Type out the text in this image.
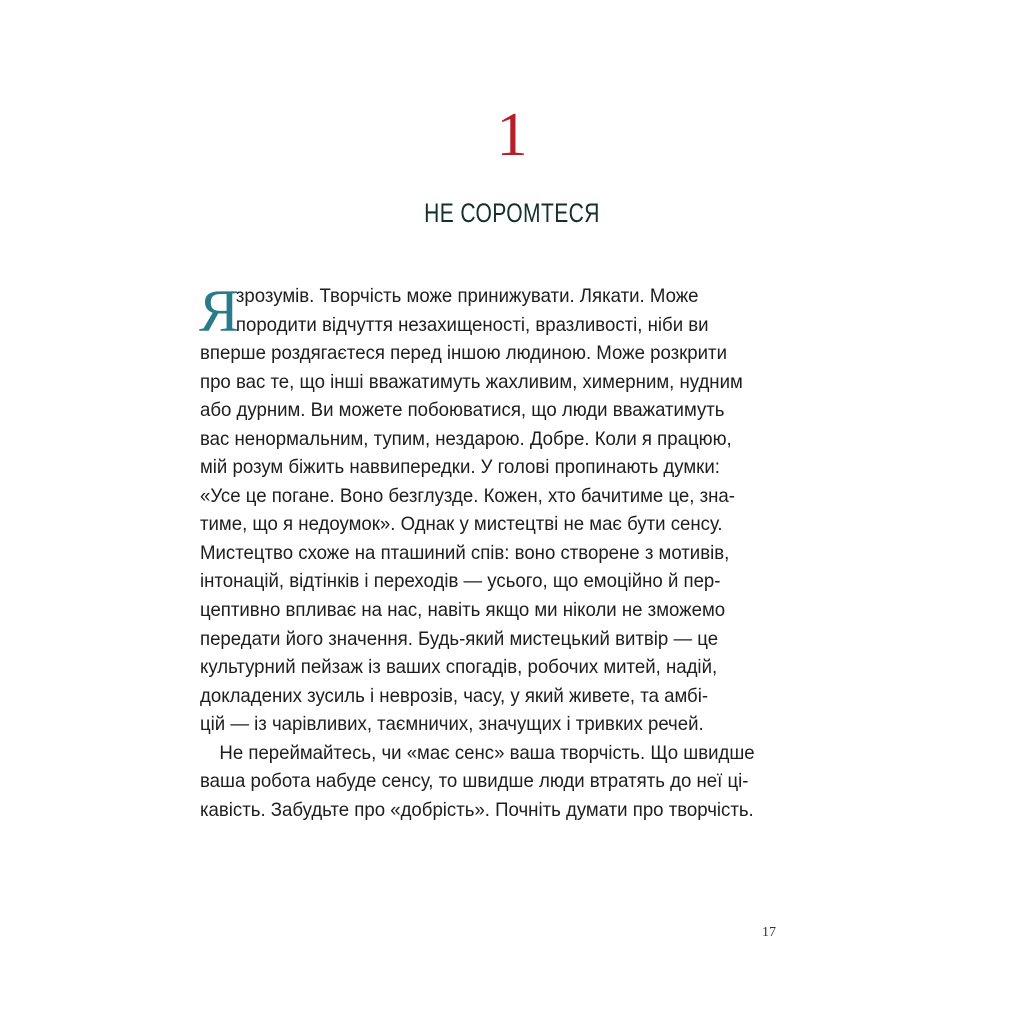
1
НЕ СОРОМТЕСЯ
Я
зрозумів. Творчість може принижувати. Лякати. Може
породити відчуття незахищеності, вразливості, ніби ви
вперше роздягаєтеся перед іншою людиною. Може розкрити
про вас те, що інші вважатимуть жахливим, химерним, нудним
або дурним. Ви можете побоюватися, що люди вважатимуть
вас ненормальним, тупим, нездарою. Добре. Коли я працюю,
мій розум біжить наввипередки. У голові пропинають думки:
«Усе це погане. Воно безглузде. Кожен, хто бачитиме це, зна-
тиме, що я недоумок». Однак у мистецтві не має бути сенсу.
Мистецтво схоже на пташиний спів: воно створене з мотивів,
інтонацій, відтінків і переходів — усього, що емоційно й пер-
цептивно впливає на нас, навіть якщо ми ніколи не зможемо
передати його значення. Будь-який мистецький витвір — це
культурний пейзаж із ваших спогадів, робочих митей, надій,
докладених зусиль і неврозів, часу, у який живете, та амбі-
цій — із чарівливих, таємничих, значущих і тривких речей.
Не переймайтесь, чи «має сенс» ваша творчість. Що швидше
ваша робота набуде сенсу, то швидше люди втратять до неї ці-
кавість. Забудьте про «добрість». Почніть думати про творчість.
17
